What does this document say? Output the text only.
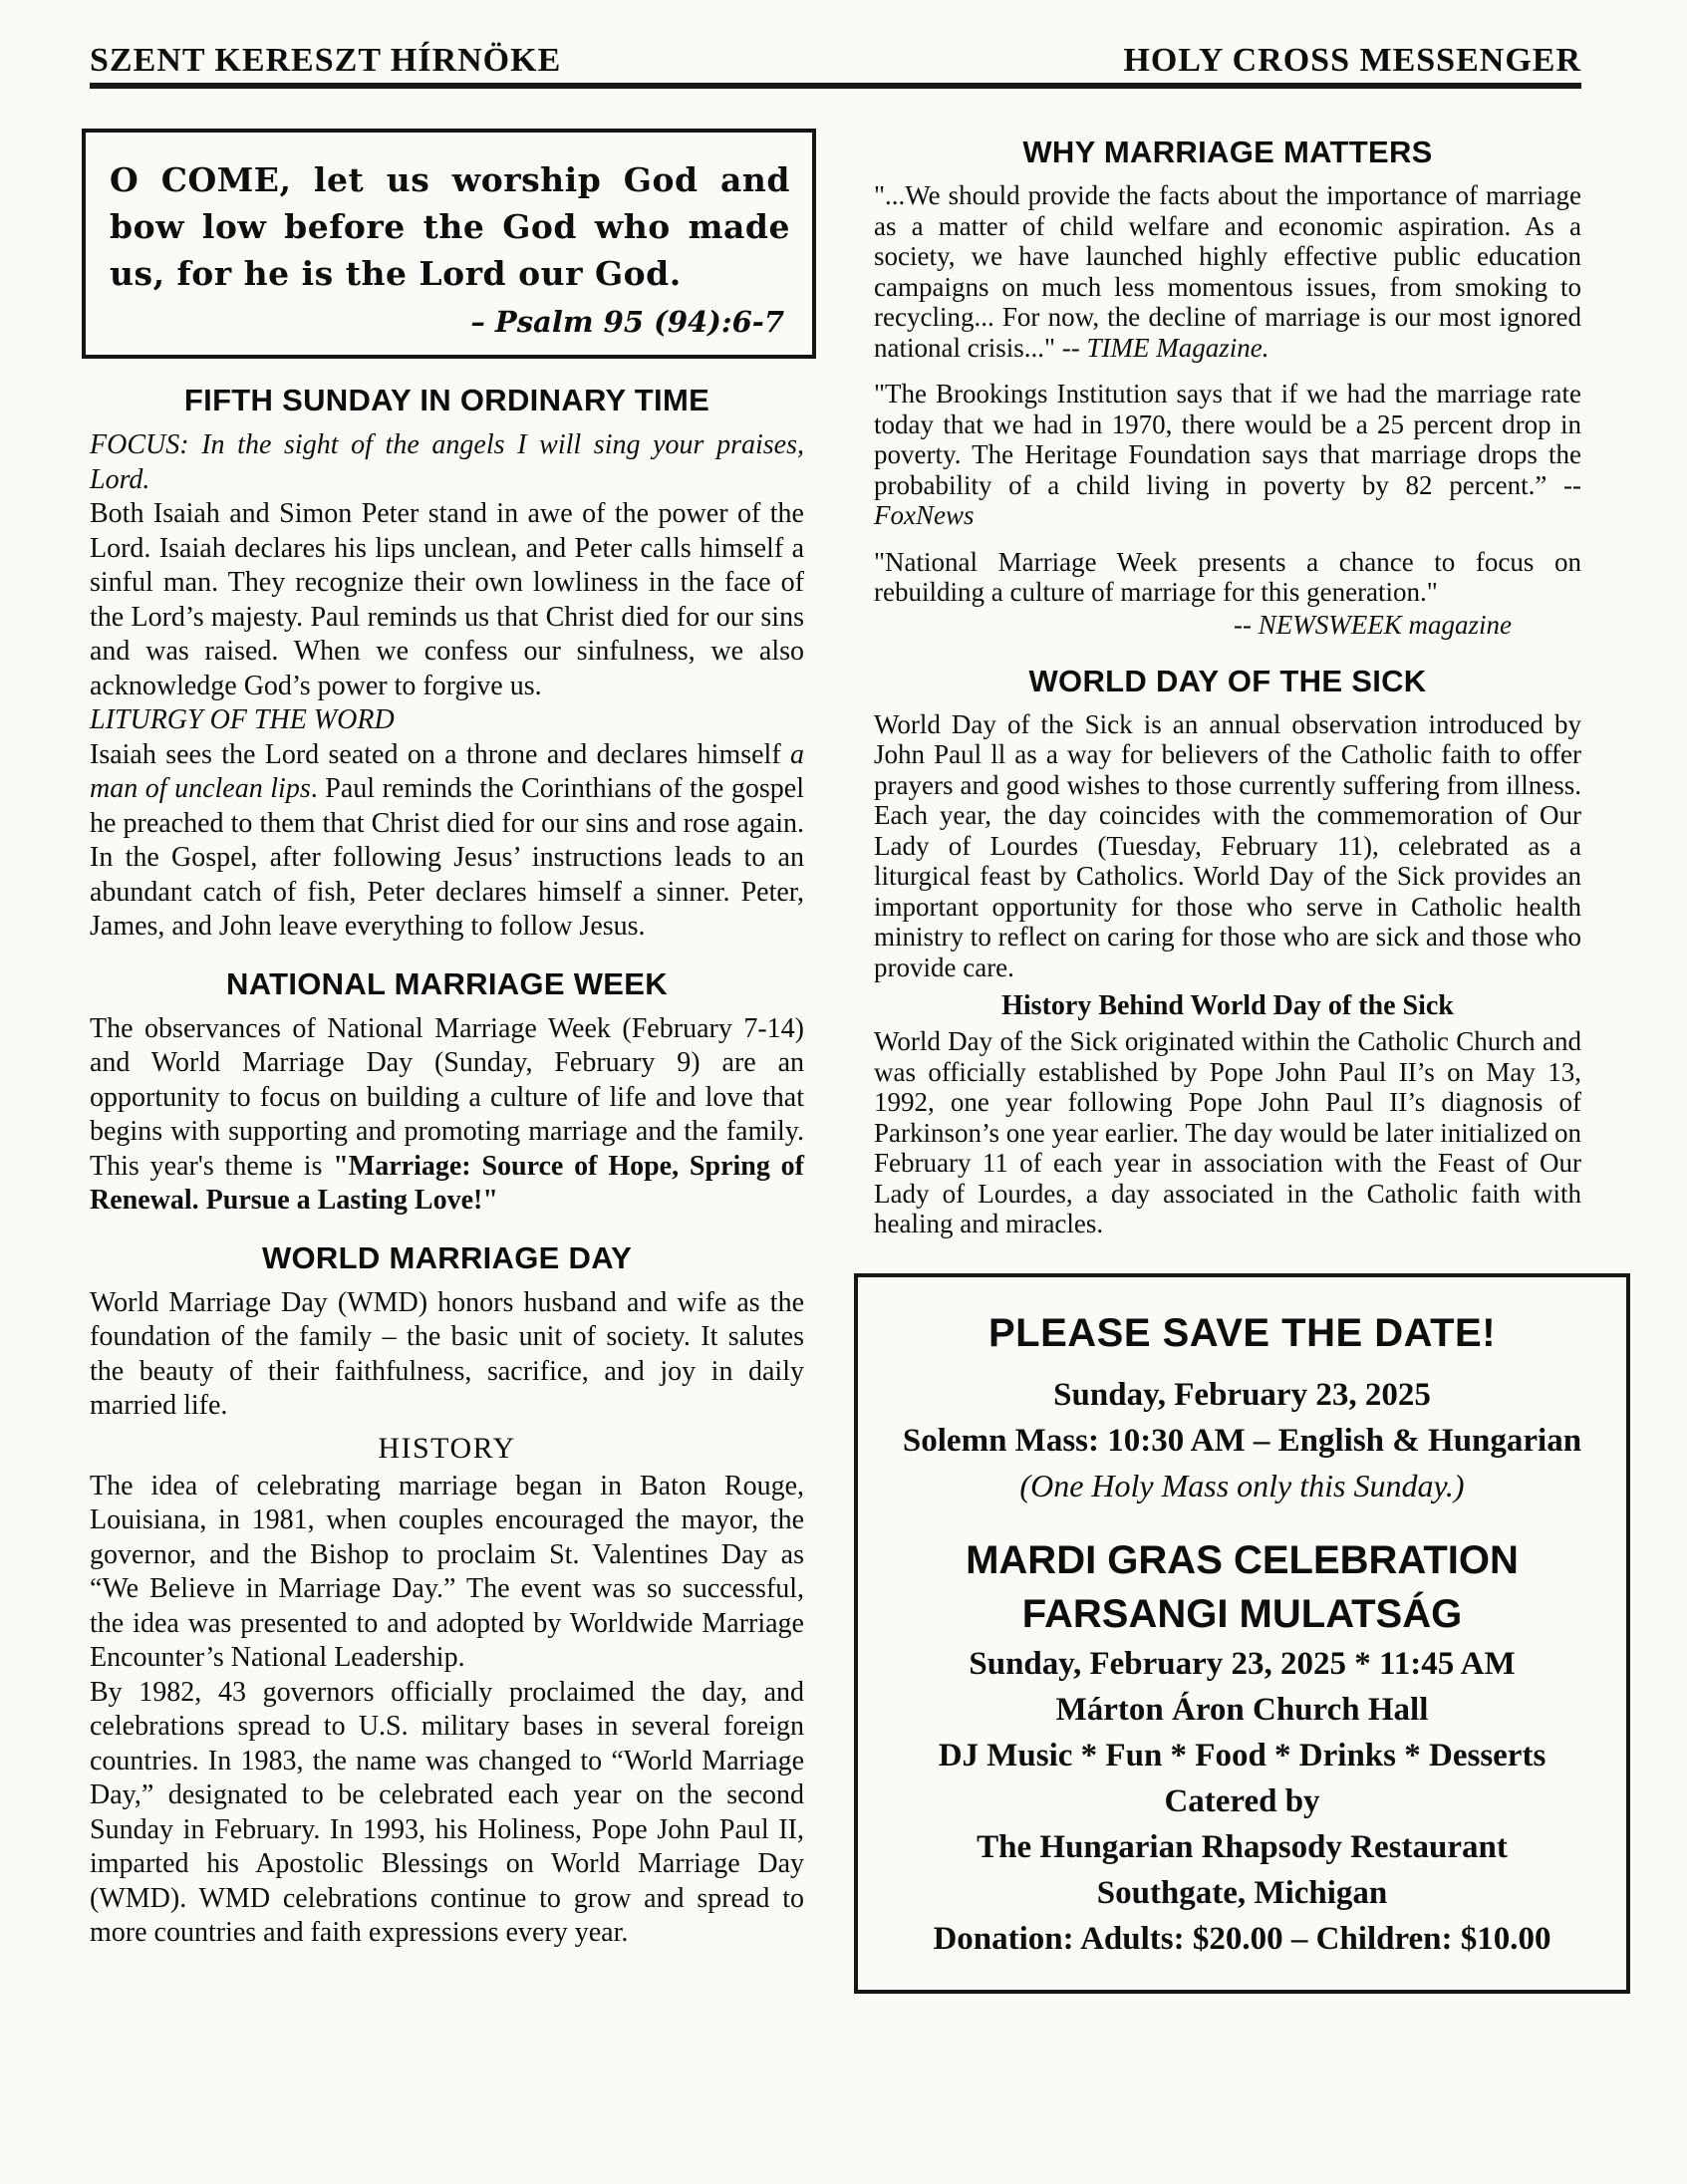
SZENT KERESZT HÍRNÖKE	HOLY CROSS MESSENGER

O COME, let us worship God and bow low before the God who made us, for he is the Lord our God.

– Psalm 95 (94):6-7

FIFTH SUNDAY IN ORDINARY TIME

FOCUS: In the sight of the angels I will sing your praises, Lord.

Both Isaiah and Simon Peter stand in awe of the power of the Lord. Isaiah declares his lips unclean, and Peter calls himself a sinful man. They recognize their own lowliness in the face of the Lord’s majesty. Paul reminds us that Christ died for our sins and was raised. When we confess our sinfulness, we also acknowledge God’s power to forgive us.

LITURGY OF THE WORD

Isaiah sees the Lord seated on a throne and declares himself a man of unclean lips. Paul reminds the Corinthians of the gospel he preached to them that Christ died for our sins and rose again. In the Gospel, after following Jesus’ instructions leads to an abundant catch of fish, Peter declares himself a sinner. Peter, James, and John leave everything to follow Jesus.

NATIONAL MARRIAGE WEEK

The observances of National Marriage Week (February 7-14) and World Marriage Day (Sunday, February 9) are an opportunity to focus on building a culture of life and love that begins with supporting and promoting marriage and the family. This year's theme is "Marriage: Source of Hope, Spring of Renewal. Pursue a Lasting Love!"

WORLD MARRIAGE DAY

World Marriage Day (WMD) honors husband and wife as the foundation of the family – the basic unit of society. It salutes the beauty of their faithfulness, sacrifice, and joy in daily married life.

HISTORY

The idea of celebrating marriage began in Baton Rouge, Louisiana, in 1981, when couples encouraged the mayor, the governor, and the Bishop to proclaim St. Valentines Day as “We Believe in Marriage Day.” The event was so successful, the idea was presented to and adopted by Worldwide Marriage Encounter’s National Leadership.

By 1982, 43 governors officially proclaimed the day, and celebrations spread to U.S. military bases in several foreign countries. In 1983, the name was changed to “World Marriage Day,” designated to be celebrated each year on the second Sunday in February. In 1993, his Holiness, Pope John Paul II, imparted his Apostolic Blessings on World Marriage Day (WMD). WMD celebrations continue to grow and spread to more countries and faith expressions every year.

WHY MARRIAGE MATTERS

"...We should provide the facts about the importance of marriage as a matter of child welfare and economic aspiration. As a society, we have launched highly effective public education campaigns on much less momentous issues, from smoking to recycling... For now, the decline of marriage is our most ignored national crisis..." -- TIME Magazine.

"The Brookings Institution says that if we had the marriage rate today that we had in 1970, there would be a 25 percent drop in poverty. The Heritage Foundation says that marriage drops the probability of a child living in poverty by 82 percent.” -- FoxNews

"National Marriage Week presents a chance to focus on rebuilding a culture of marriage for this generation."

-- NEWSWEEK magazine

WORLD DAY OF THE SICK

World Day of the Sick is an annual observation introduced by John Paul ll as a way for believers of the Catholic faith to offer prayers and good wishes to those currently suffering from illness. Each year, the day coincides with the commemoration of Our Lady of Lourdes (Tuesday, February 11), celebrated as a liturgical feast by Catholics. World Day of the Sick provides an important opportunity for those who serve in Catholic health ministry to reflect on caring for those who are sick and those who provide care.

History Behind World Day of the Sick

World Day of the Sick originated within the Catholic Church and was officially established by Pope John Paul II’s on May 13, 1992, one year following Pope John Paul II’s diagnosis of Parkinson’s one year earlier. The day would be later initialized on February 11 of each year in association with the Feast of Our Lady of Lourdes, a day associated in the Catholic faith with healing and miracles.

PLEASE SAVE THE DATE!
Sunday, February 23, 2025
Solemn Mass: 10:30 AM – English & Hungarian
(One Holy Mass only this Sunday.)
MARDI GRAS CELEBRATION
FARSANGI MULATSÁG
Sunday, February 23, 2025 * 11:45 AM
Márton Áron Church Hall
DJ Music * Fun * Food * Drinks * Desserts
Catered by
The Hungarian Rhapsody Restaurant
Southgate, Michigan
Donation: Adults: $20.00 – Children: $10.00
